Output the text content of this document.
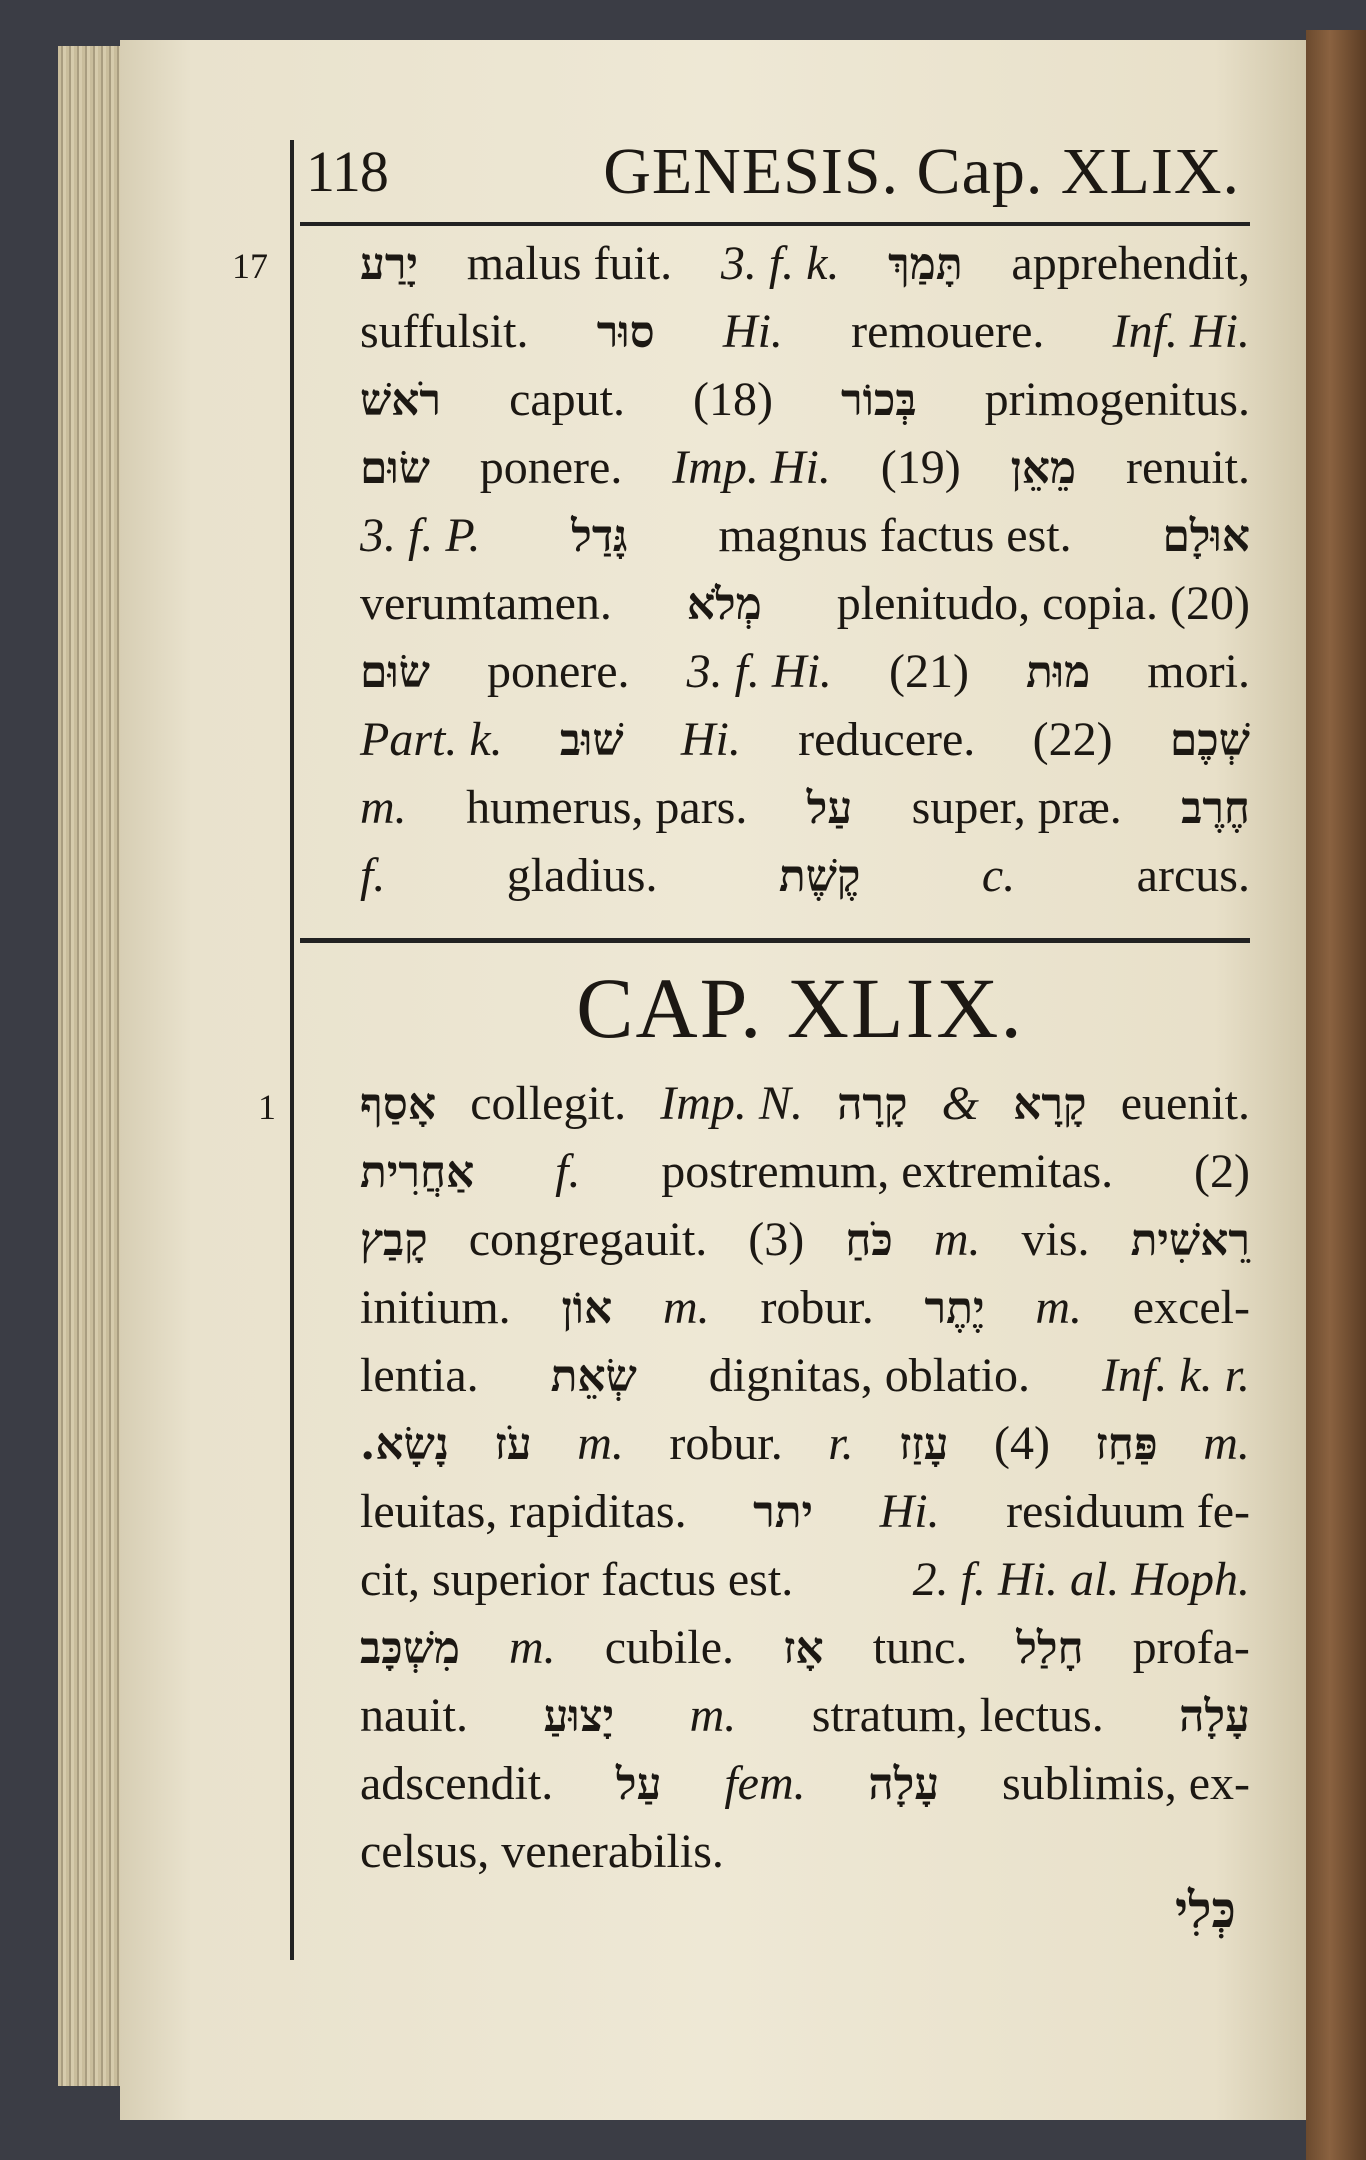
118	GENESIS. Cap. XLIX.
17 יָרַע malus fuit. 3. f. k. תָּמַךְ apprehendit,
suffulsit. סוּר Hi. remouere. Inf. Hi.
רֹאשׁ caput. (18) בְּכוֹר primogenitus.
שׂוּם ponere. Imp. Hi. (19) מֵאֵן renuit.
3. f. P. גָּדַל magnus factus est. אוּלָם
verumtamen. מְלֹא plenitudo, copia. (20)
שׂוּם ponere. 3. f. Hi. (21) מוּת mori.
Part. k. שׁוּב Hi. reducere. (22) שְׁכֶם
m. humerus, pars. עַל super, præ. חֶרֶב
f.	gladius.	קֶשֶׁת	c.	arcus.
CAP. XLIX.
1 אָסַף collegit. Imp. N. קָרָה & קָרָא euenit.
אַחֲרִית f. postremum, extremitas. (2)
קָבַץ congregauit. (3) כֹּחַ m. vis. רֵאשִׁית
initium. אוֹן m. robur. יֶתֶר m. excel-
lentia. שְׂאֵת dignitas, oblatio. Inf. k. r.
נָשָׂא. עֹז m. robur. r. עָזַז (4) פַּחַז m.
leuitas, rapiditas. יתר Hi. residuum fe-
cit, superior factus est. 2. f. Hi. al. Hoph.
מִשְׁכָּב m. cubile. אָז tunc. חָלַל profa-
nauit. יָצוּעַ m. stratum, lectus. עָלָה
adscendit. עַל fem. עָלָה sublimis, ex-
celsus, venerabilis.
כְּלִי
